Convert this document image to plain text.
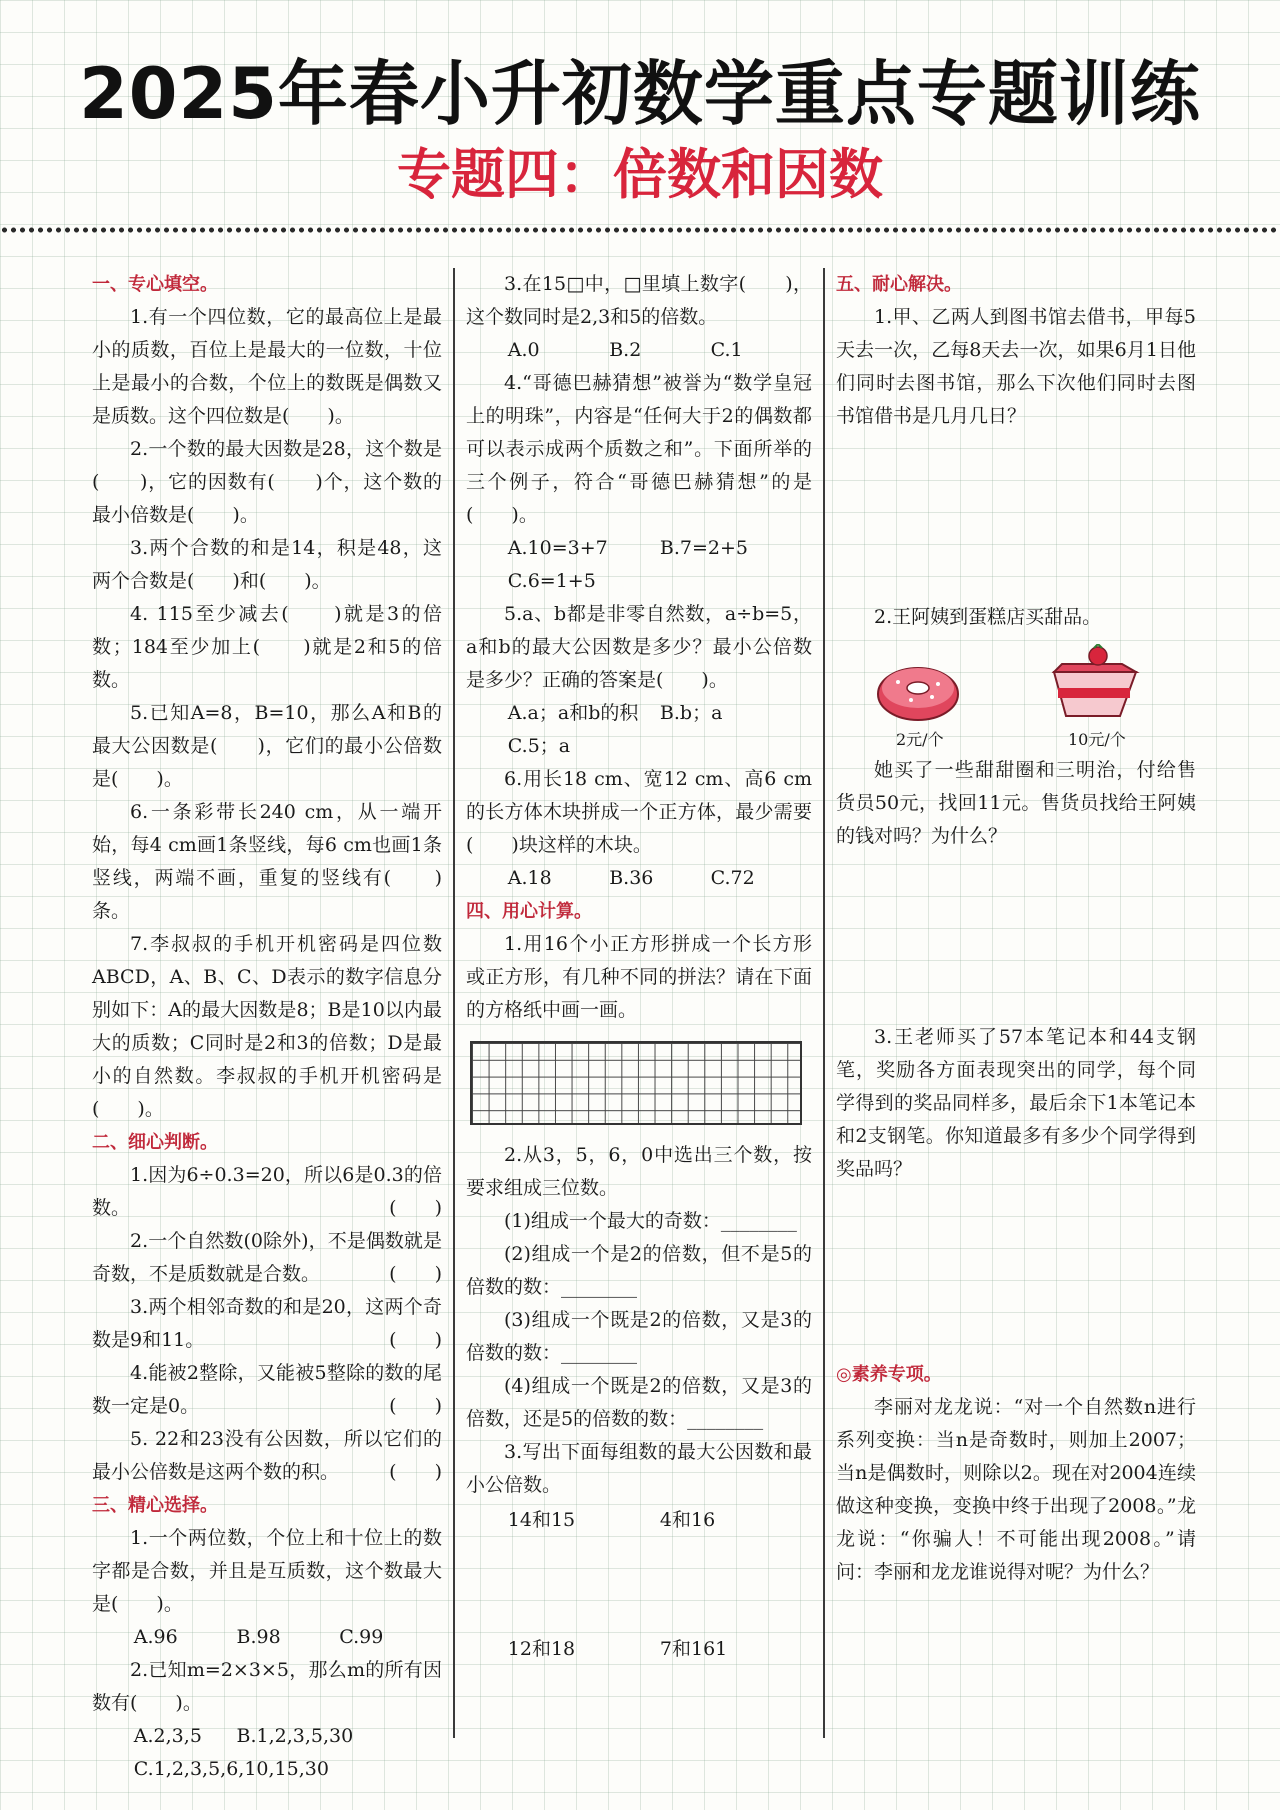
2025年春小升初数学重点专题训练
专题四：倍数和因数

一、专心填空。

1.有一个四位数，它的最高位上是最小的质数，百位上是最大的一位数，十位上是最小的合数，个位上的数既是偶数又是质数。这个四位数是(　　)。

2.一个数的最大因数是28，这个数是(　　)，它的因数有(　　)个，这个数的最小倍数是(　　)。

3.两个合数的和是14，积是48，这两个合数是(　　)和(　　)。

4. 115至少减去(　　)就是3的倍数；184至少加上(　　)就是2和5的倍数。

5.已知A=8，B=10，那么A和B的最大公因数是(　　)，它们的最小公倍数是(　　)。

6.一条彩带长240 cm，从一端开始，每4 cm画1条竖线，每6 cm也画1条竖线，两端不画，重复的竖线有(　　)条。

7.李叔叔的手机开机密码是四位数ABCD，A、B、C、D表示的数字信息分别如下：A的最大因数是8；B是10以内最大的质数；C同时是2和3的倍数；D是最小的自然数。李叔叔的手机开机密码是(　　)。

二、细心判断。

1.因为6÷0.3=20，所以6是0.3的倍数。	(　　)

2.一个自然数(0除外)，不是偶数就是奇数，不是质数就是合数。	(　　)

3.两个相邻奇数的和是20，这两个奇数是9和11。	(　　)

4.能被2整除，又能被5整除的数的尾数一定是0。	(　　)

5. 22和23没有公因数，所以它们的最小公倍数是这两个数的积。	(　　)

三、精心选择。

1.一个两位数，个位上和十位上的数字都是合数，并且是互质数，这个数最大是(　　)。

A.96	B.98	C.99

2.已知m=2×3×5，那么m的所有因数有(　　)。

A.2,3,5	B.1,2,3,5,30
C.1,2,3,5,6,10,15,30

3.在15□中，□里填上数字(　　)，这个数同时是2,3和5的倍数。

A.0	B.2	C.1

4.“哥德巴赫猜想”被誉为“数学皇冠上的明珠”，内容是“任何大于2的偶数都可以表示成两个质数之和”。下面所举的三个例子，符合“哥德巴赫猜想”的是(　　)。

A.10=3+7	B.7=2+5
C.6=1+5

5.a、b都是非零自然数，a÷b=5，a和b的最大公因数是多少？最小公倍数是多少？正确的答案是(　　)。

A.a；a和b的积	B.b；a
C.5；a

6.用长18 cm、宽12 cm、高6 cm的长方体木块拼成一个正方体，最少需要(　　)块这样的木块。

A.18	B.36	C.72

四、用心计算。

1.用16个小正方形拼成一个长方形或正方形，有几种不同的拼法？请在下面的方格纸中画一画。

2.从3，5，6，0中选出三个数，按要求组成三位数。

(1)组成一个最大的奇数：________

(2)组成一个是2的倍数，但不是5的倍数的数：________

(3)组成一个既是2的倍数，又是3的倍数的数：________

(4)组成一个既是2的倍数，又是3的倍数，还是5的倍数的数：________

3.写出下面每组数的最大公因数和最小公倍数。

14和15	4和16
12和18	7和161

五、耐心解决。

1.甲、乙两人到图书馆去借书，甲每5天去一次，乙每8天去一次，如果6月1日他们同时去图书馆，那么下次他们同时去图书馆借书是几月几日？

2.王阿姨到蛋糕店买甜品。

2元/个	10元/个

她买了一些甜甜圈和三明治，付给售货员50元，找回11元。售货员找给王阿姨的钱对吗？为什么？

3.王老师买了57本笔记本和44支钢笔，奖励各方面表现突出的同学，每个同学得到的奖品同样多，最后余下1本笔记本和2支钢笔。你知道最多有多少个同学得到奖品吗？

◎素养专项。

李丽对龙龙说：“对一个自然数n进行系列变换：当n是奇数时，则加上2007；当n是偶数时，则除以2。现在对2004连续做这种变换，变换中终于出现了2008。”龙龙说：“你骗人！不可能出现2008。”请问：李丽和龙龙谁说得对呢？为什么？
